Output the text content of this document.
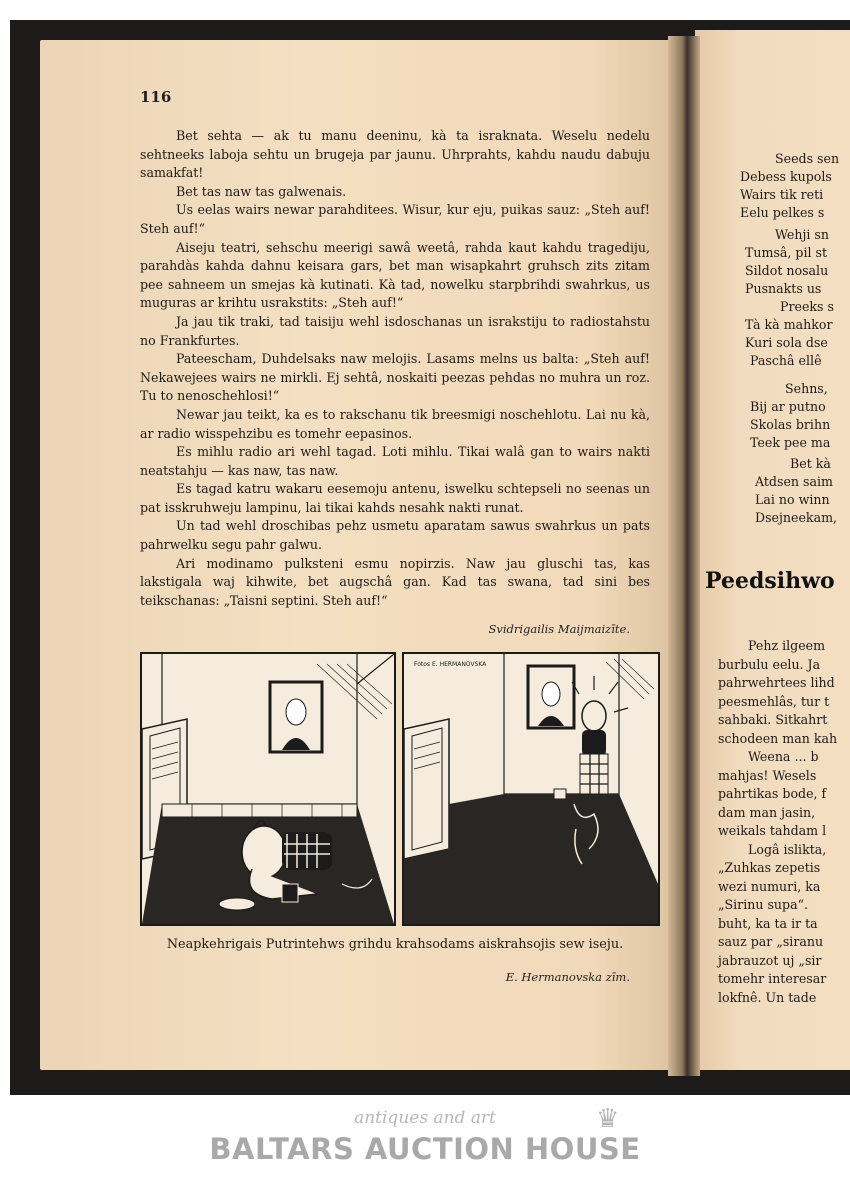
116

Bet sehta — ak tu manu deeninu, kà ta israknata. Weselu nedelu sehtneeks laboja sehtu un brugeja par jaunu. Uhrprahts, kahdu naudu dabuju samakfat!

Bet tas naw tas galwenais.

Us eelas wairs newar parahditees. Wisur, kur eju, puikas sauz: „Steh auf! Steh auf!“

Aiseju teatri, sehschu meerigi sawâ weetâ, rahda kaut kahdu tragediju, parahdàs kahda dahnu keisara gars, bet man wisapkahrt gruhsch zits zitam pee sahneem un smejas kà kutinati. Kà tad, nowelku starpbrihdi swahrkus, us muguras ar krihtu usrakstits: „Steh auf!“

Ja jau tik traki, tad taisiju wehl isdoschanas un israkstiju to radiostahstu no Frankfurtes.

Pateescham, Duhdelsaks naw melojis. Lasams melns us balta: „Steh auf! Nekawejees wairs ne mirkli. Ej sehtâ, noskaiti peezas pehdas no muhra un roz. Tu to nenoschehlosi!“

Newar jau teikt, ka es to rakschanu tik breesmigi noschehlotu. Lai nu kà, ar radio wisspehzibu es tomehr eepasinos.

Es mihlu radio ari wehl tagad. Loti mihlu. Tikai walâ gan to wairs nakti neatstahju — kas naw, tas naw.

Es tagad katru wakaru eesemoju antenu, iswelku schtepseli no seenas un pat isskruhweju lampinu, lai tikai kahds nesahk nakti runat.

Un tad wehl droschibas pehz usmetu aparatam sawus swahrkus un pats pahrwelku segu pahr galwu.

Ari modinamo pulksteni esmu nopirzis. Naw jau gluschi tas, kas lakstigala waj kihwite, bet augschâ gan. Kad tas swana, tad sini bes teikschanas: „Taisni septini. Steh auf!“

Svidrigailis Maijmaizīte.
Fotos E. HERMANOVSKA
Neapkehrigais Putrintehws grihdu krahsodams aiskrahsojis sew iseju.
E. Hermanovska zīm.
Seeds sen
Debess kupols
Wairs tik reti
Eelu pelkes s
Wehji sn
Tumsâ, pil st
Sildot nosalu
Pusnakts us
Preeks s
Tà kà mahkor
Kuri sola dse
Paschâ ellê
Sehns,
Bij ar putno
Skolas brihn
Teek pee ma
Bet kà
Atdsen saim
Lai no winn
Dsejneekam,
Peedsihwo
Pehz ilgeem
burbulu eelu. Ja
pahrwehrtees lihd
peesmehlâs, tur t
sahbaki. Sitkahrt
schodeen man kah
Weena ... b
mahjas! Wesels
pahrtikas bode, f
dam man jasin,
weikals tahdam l
Logâ islikta,
„Zuhkas zepetis
wezi numuri, ka
„Sirinu supa“.
buht, ka ta ir ta
sauz par „siranu
jabrauzot uj „sir
tomehr interesar
lokfnê. Un tade
antiques and art	♛
BALTARS AUCTION HOUSE
